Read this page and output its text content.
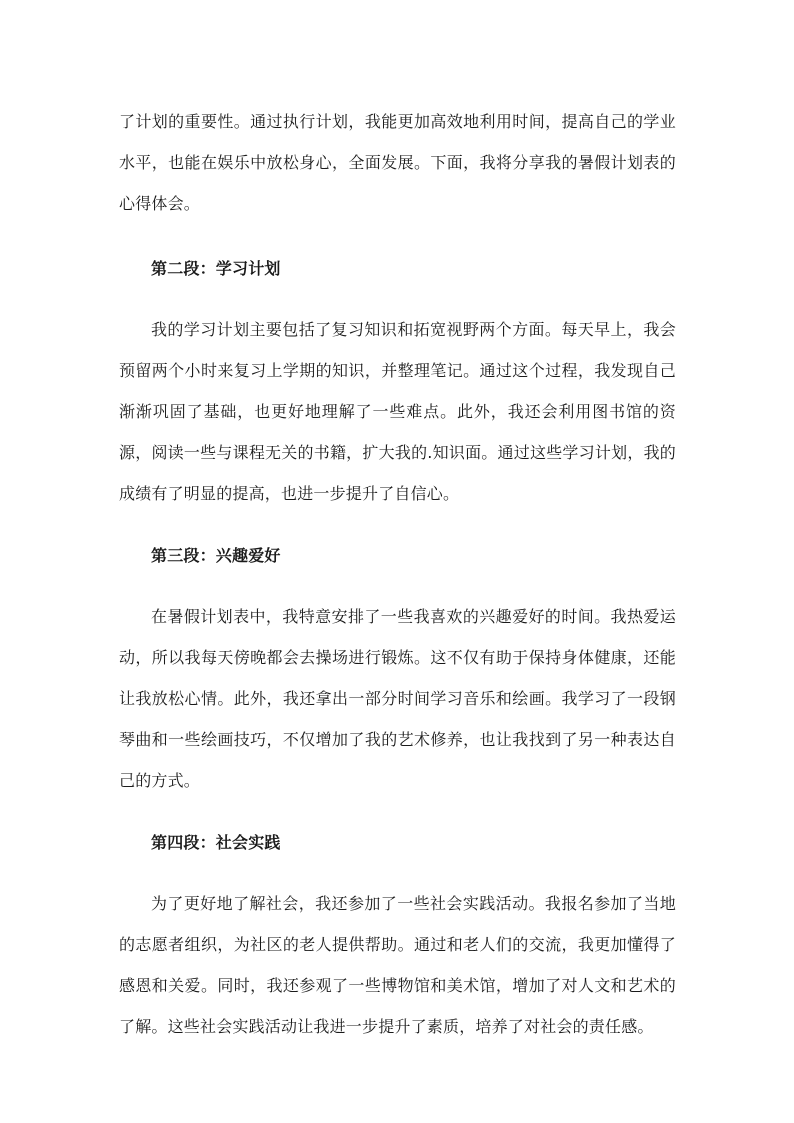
了计划的重要性。通过执行计划，我能更加高效地利用时间，提高自己的学业水平，也能在娱乐中放松身心，全面发展。下面，我将分享我的暑假计划表的心得体会。

第二段：学习计划

我的学习计划主要包括了复习知识和拓宽视野两个方面。每天早上，我会预留两个小时来复习上学期的知识，并整理笔记。通过这个过程，我发现自己渐渐巩固了基础，也更好地理解了一些难点。此外，我还会利用图书馆的资源，阅读一些与课程无关的书籍，扩大我的.知识面。通过这些学习计划，我的成绩有了明显的提高，也进一步提升了自信心。

第三段：兴趣爱好

在暑假计划表中，我特意安排了一些我喜欢的兴趣爱好的时间。我热爱运动，所以我每天傍晚都会去操场进行锻炼。这不仅有助于保持身体健康，还能让我放松心情。此外，我还拿出一部分时间学习音乐和绘画。我学习了一段钢琴曲和一些绘画技巧，不仅增加了我的艺术修养，也让我找到了另一种表达自己的方式。

第四段：社会实践

为了更好地了解社会，我还参加了一些社会实践活动。我报名参加了当地的志愿者组织，为社区的老人提供帮助。通过和老人们的交流，我更加懂得了感恩和关爱。同时，我还参观了一些博物馆和美术馆，增加了对人文和艺术的了解。这些社会实践活动让我进一步提升了素质，培养了对社会的责任感。
